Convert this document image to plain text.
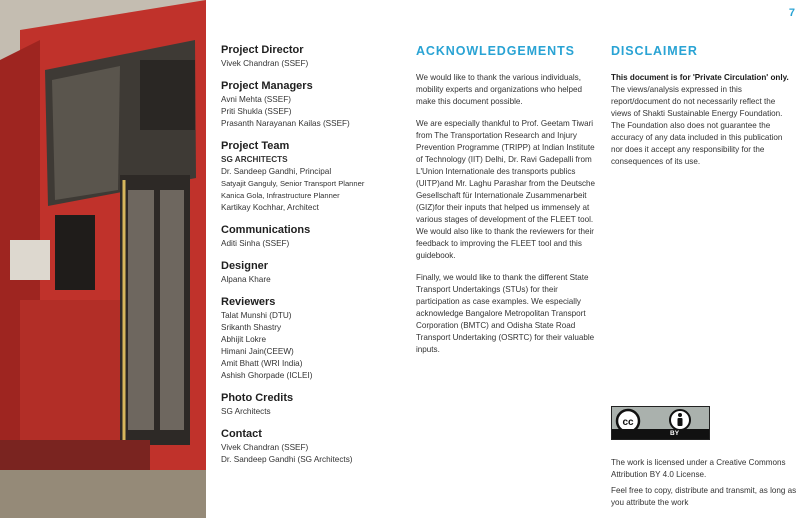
7
Project Director
Vivek Chandran (SSEF)
Project Managers
Avni Mehta (SSEF)
Priti Shukla (SSEF)
Prasanth Narayanan Kailas (SSEF)
Project Team
SG ARCHITECTS
Dr. Sandeep Gandhi, Principal
Satyajit Ganguly, Senior Transport Planner
Kanica Gola, Infrastructure Planner
Kartikay Kochhar, Architect
Communications
Aditi Sinha (SSEF)
Designer
Alpana Khare
Reviewers
Talat Munshi (DTU)
Srikanth Shastry
Abhijit Lokre
Himani Jain(CEEW)
Amit Bhatt (WRI India)
Ashish Ghorpade (ICLEI)
Photo Credits
SG Architects
Contact
Vivek Chandran (SSEF)
Dr. Sandeep Gandhi (SG Architects)
ACKNOWLEDGEMENTS

We would like to thank the various individuals, mobility experts and organizations who helped make this document possible.

We are especially thankful to Prof. Geetam Tiwari from The Transportation Research and Injury Prevention Programme (TRIPP) at Indian Institute of Technology (IIT) Delhi, Dr. Ravi Gadepalli from L'Union Internationale des transports publics (UITP)and Mr. Laghu Parashar from the Deutsche Gesellschaft für Internationale Zusammenarbeit (GIZ)for their inputs that helped us immensely at various stages of development of the FLEET tool. We would also like to thank the reviewers for their feedback to improving the FLEET tool and this guidebook.

Finally, we would like to thank the different State Transport Undertakings (STUs) for their participation as case examples. We especially acknowledge Bangalore Metropolitan Transport Corporation (BMTC) and Odisha State Road Transport Undertaking (OSRTC) for their valuable inputs.

DISCLAIMER

This document is for 'Private Circulation' only. The views/analysis expressed in this report/document do not necessarily reflect the views of Shakti Sustainable Energy Foundation. The Foundation also does not guarantee the accuracy of any data included in this publication nor does it accept any responsibility for the consequences of its use.

cc
BY

The work is licensed under a Creative Commons Attribution BY 4.0 License.

Feel free to copy, distribute and transmit, as long as you attribute the work
